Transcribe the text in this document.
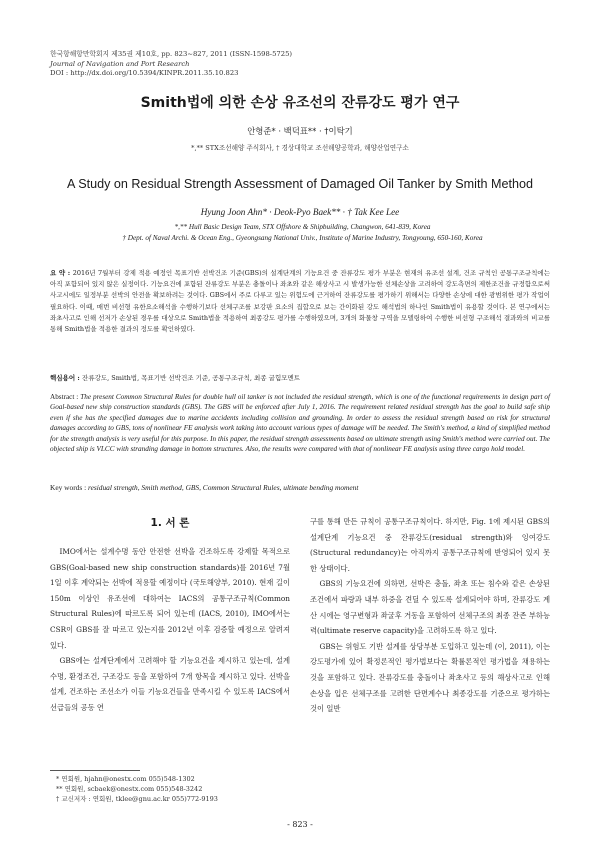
한국항해항만학회지 제35권 제10호, pp. 823~827, 2011 (ISSN-1598-5725)
Journal of Navigation and Port Research
DOI : http://dx.doi.org/10.5394/KINPR.2011.35.10.823
Smith법에 의한 손상 유조선의 잔류강도 평가 연구
안형준* · 백덕표** · †이탁기
*,** STX조선해양 주식회사, † 경상대학교 조선해양공학과, 해양산업연구소
A Study on Residual Strength Assessment of Damaged Oil Tanker by Smith Method
Hyung Joon Ahn* · Deok-Pyo Baek** · † Tak Kee Lee
*,** Hull Basic Design Team, STX Offshore & Shipbuilding, Changwon, 641-839, Korea
† Dept. of Naval Archi. & Ocean Eng., Gyeongsang National Univ., Institute of Marine Industry, Tongyoung, 650-160, Korea
요 약 : 2016년 7월부터 강제 적용 예정인 목표기반 선박건조 기준(GBS)의 설계단계의 기능요건 중 잔류강도 평가 부분은 현재의 유조선 설계, 건조 규칙인 공통구조규칙에는 아직 포함되어 있지 않은 실정이다. 기능요건에 포함된 잔류강도 부분은 충돌이나 좌초와 같은 해상사고 시 발생가능한 선체손상을 고려하여 강도측면의 제한조건을 규정함으로써 사고시에도 일정부분 선박의 안전을 확보하려는 것이다. GBS에서 주로 다루고 있는 위험도에 근거하여 잔류강도를 평가하기 위해서는 다양한 손상에 대한 광범위한 평가 작업이 필요하다. 이때, 매번 비선형 유한요소해석을 수행하기보다 선체구조를 보강판 요소의 집합으로 보는 간이화된 강도 해석법의 하나인 Smith법이 유용할 것이다. 본 연구에서는 좌초사고로 인해 선저가 손상된 경우를 대상으로 Smith법을 적용하여 최종강도 평가를 수행하였으며, 3개의 화물창 구역을 모델링하여 수행한 비선형 구조해석 결과와의 비교를 통해 Smith법을 적용한 결과의 정도를 확인하였다.
핵심용어 : 잔류강도, Smith법, 목표기반 선박건조 기준, 공통구조규칙, 최종 굽힘모멘트
Abstract : The present Common Structural Rules for double hull oil tanker is not included the residual strength, which is one of the functional requirements in design part of Goal-based new ship construction standards (GBS). The GBS will be enforced after July 1, 2016. The requirement related residual strength has the goal to build safe ship even if she has the specified damages due to marine accidents including collision and grounding. In order to assess the residual strength based on risk for structural damages according to GBS, tons of nonlinear FE analysis work taking into account various types of damage will be needed. The Smith's method, a kind of simplified method for the strength analysis is very useful for this purpose. In this paper, the residual strength assessments based on ultimate strength using Smith's method were carried out. The objected ship is VLCC with stranding damage in bottom structures. Also, the results were compared with that of nonlinear FE analysis using three cargo hold model.
Key words : residual strength, Smith method, GBS, Common Structural Rules, ultimate bending moment
1. 서 론

IMO에서는 설계수명 동안 안전한 선박을 건조하도록 강제할 목적으로 GBS(Goal-based new ship construction standards)를 2016년 7월 1일 이후 계약되는 선박에 적용할 예정이다 (국토해양부, 2010). 현재 길이 150m 이상인 유조선에 대하여는 IACS의 공통구조규칙(Common Structural Rules)에 따르도록 되어 있는데 (IACS, 2010), IMO에서는 CSR이 GBS를 잘 따르고 있는지를 2012년 이후 검증할 예정으로 알려져 있다.

GBS에는 설계단계에서 고려해야 할 기능요건을 제시하고 있는데, 설계수명, 환경조건, 구조강도 등을 포함하여 7개 항목을 제시하고 있다. 선박을 설계, 건조하는 조선소가 이들 기능요건들을 만족시킬 수 있도록 IACS에서 선급들의 공동 연

구를 통해 만든 규칙이 공통구조규칙이다. 하지만, Fig. 1에 제시된 GBS의 설계단계 기능요건 중 잔류강도(residual strength)와 잉여강도(Structural redundancy)는 아직까지 공통구조규칙에 반영되어 있지 못한 상태이다.

GBS의 기능요건에 의하면, 선박은 충돌, 좌초 또는 침수와 같은 손상된 조건에서 파랑과 내부 하중을 견딜 수 있도록 설계되어야 하며, 잔류강도 계산 시에는 영구변형과 좌굴후 거동을 포함하여 선체구조의 최종 잔존 부하능력(ultimate reserve capacity)을 고려하도록 하고 있다.

GBS는 위험도 기반 설계를 상당부분 도입하고 있는데 (이, 2011), 이는 강도평가에 있어 확정론적인 평가법보다는 확률론적인 평가법을 채용하는 것을 포함하고 있다. 잔류강도를 충돌이나 좌초사고 등의 해상사고로 인해 손상을 입은 선체구조를 고려한 단면계수나 최종강도를 기준으로 평가하는 것이 일반

* 연회원, hjahn@onestx.com 055)548-1302
** 연회원, scbaek@onestx.com 055)548-3242
† 교신저자 : 연회원, tklee@gnu.ac.kr 055)772-9193
- 823 -
